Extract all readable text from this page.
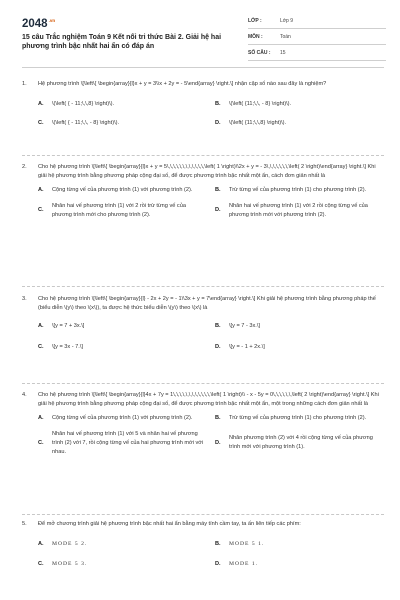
$2048^{.vn}$
15 câu Trắc nghiệm Toán 9 Kết nối tri thức Bài 2. Giải hệ hai phương trình bậc nhất hai ẩn có đáp án
LỚP :	Lớp 9
MÔN :	Toán
SỐ CÂU :	15
1.	Hệ phương trình \[\left\{ \begin{array}{l}x + y = 3\\x + 2y = - 5\end{array} \right.\] nhận cặp số nào sau đây là nghiệm?
A.	\(\left( { - 11;\,\,8} \right)\).	B.	\(\left( {11;\,\, - 8} \right)\).
C.	\(\left( { - 11;\,\, - 8} \right)\).	D.	\(\left( {11;\,\,8} \right)\).
2.	Cho hệ phương trình \[\left\{ \begin{array}{l}x + y = 5\,\,\,\,\,\,\,\,\,\,\,\,\left( 1 \right)\\2x + y = - 3\,\,\,\,\,\,\,\left( 2 \right)\end{array} \right.\] Khi giải hệ phương trình bằng phương pháp cộng đại số, để được phương trình bậc nhất một ẩn, cách đơn giản nhất là
A.	Cộng từng vế của phương trình (1) với phương trình (2).	B.	Trừ từng vế của phương trình (1) cho phương trình (2).
C.
Nhân hai vế phương trình (1) với 2 rồi trừ từng vế của phương trình mới cho phương trình (2).
D.
Nhân hai vế phương trình (1) với 2 rồi cộng từng vế của phương trình mới với phương trình (2).
3.	Cho hệ phương trình \[\left\{ \begin{array}{l} - 2x + 2y = - 1\\3x + y = 7\end{array} \right.\] Khi giải hệ phương trình bằng phương pháp thế (biểu diễn \(y\) theo \(x\)), ta được hệ thức biểu diễn \(y\) theo \(x\) là
A.	\[y = 7 + 3x.\]	B.	\[y = 7 - 3x.\]
C.	\[y = 3x - 7.\]	D.	\[y = - 1 + 2x.\]
4.	Cho hệ phương trình \[\left\{ \begin{array}{l}4x + 7y = 1\,\,\,\,\,\,\,\,\,\,\,\,\left( 1 \right)\\ - x - 5y = 0\,\,\,\,\,\,\left( 2 \right)\end{array} \right.\] Khi giải hệ phương trình bằng phương pháp cộng đại số, để được phương trình bậc nhất một ẩn, một trong những cách đơn giản nhất là
A.	Cộng từng vế của phương trình (1) với phương trình (2).	B.	Trừ từng vế của phương trình (1) cho phương trình (2).
C.
Nhân hai vế phương trình (1) với 5 và nhân hai vế phương trình (2) với 7, rồi cộng từng vế của hai phương trình mới với nhau.
D.
Nhân phương trình (2) với 4 rồi cộng từng vế của phương trình mới với phương trình (1).
5.	Để mở chương trình giải hệ phương trình bậc nhất hai ẩn bằng máy tính cầm tay, ta ấn liên tiếp các phím:
A.	MODE 5 2.	B.	MODE 5 1.
C.	MODE 5 3.	D.	MODE 1.
